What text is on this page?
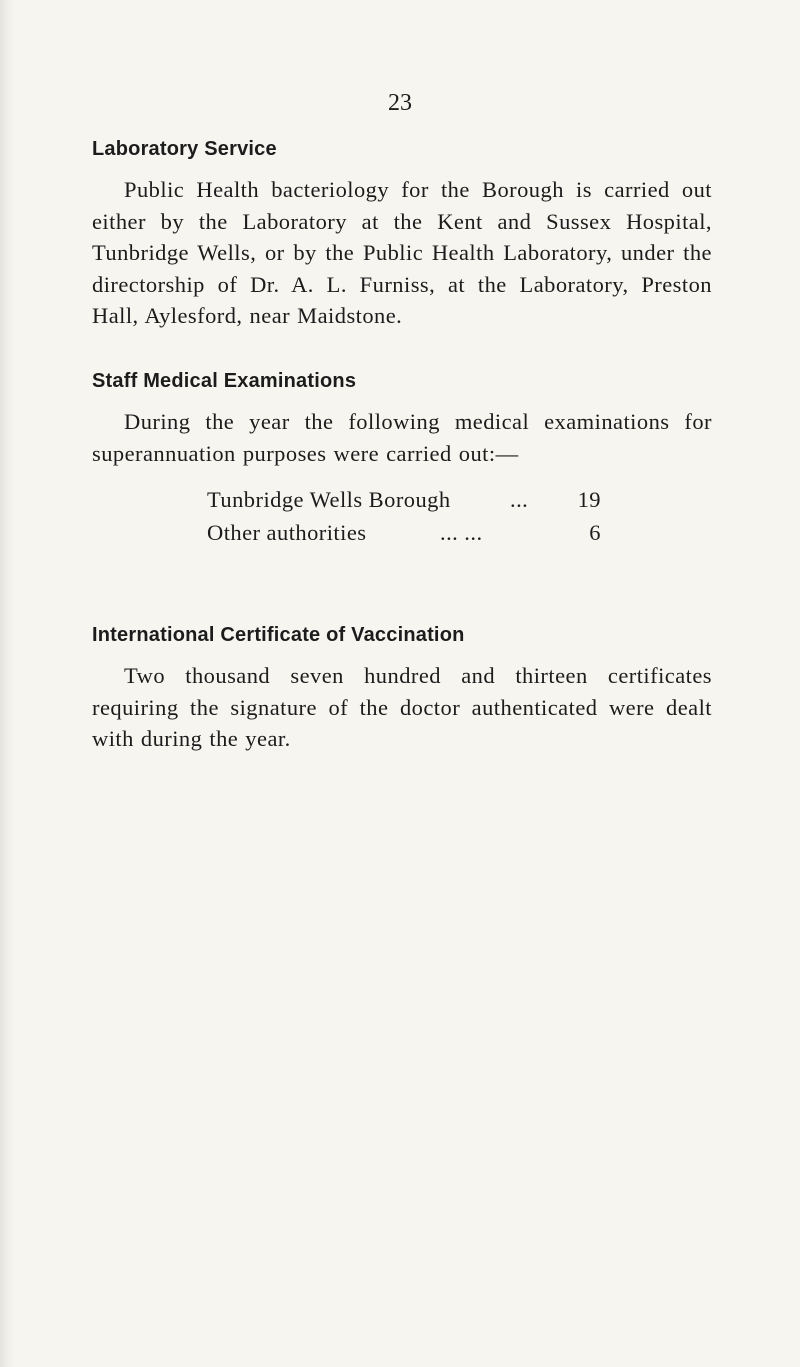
23
Laboratory Service
Public Health bacteriology for the Borough is carried out either by the Laboratory at the Kent and Sussex Hospital, Tunbridge Wells, or by the Public Health Laboratory, under the directorship of Dr. A. L. Furniss, at the Laboratory, Preston Hall, Aylesford, near Maidstone.
Staff Medical Examinations
During the year the following medical examinations for superannuation purposes were carried out:—
Tunbridge Wells Borough	... 19
Other authorities	... ...	6
International Certificate of Vaccination
Two thousand seven hundred and thirteen certificates requiring the signature of the doctor authenticated were dealt with during the year.
